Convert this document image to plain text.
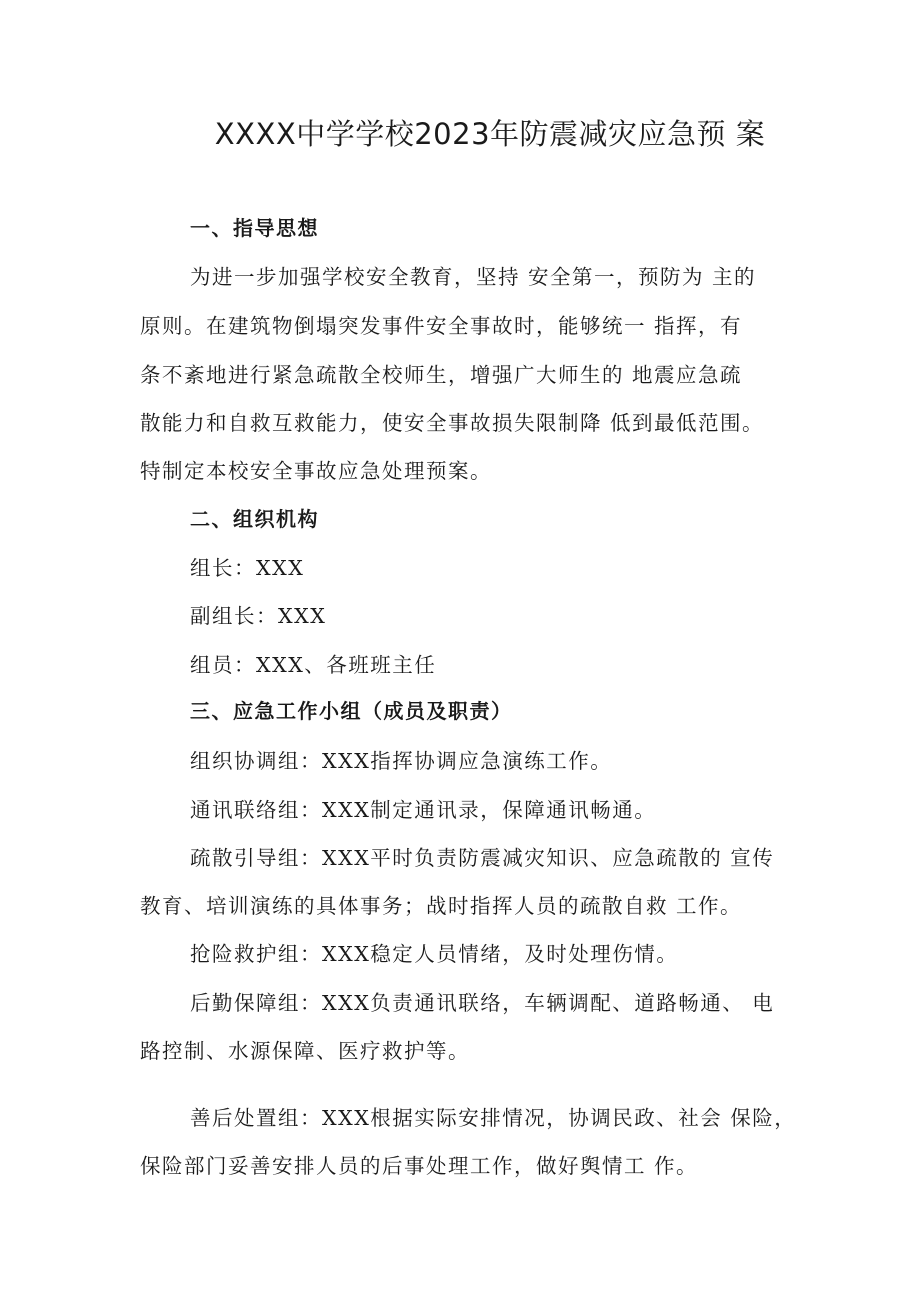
XXXX中学学校2023年防震减灾应急预 案
一、指导思想
为进一步加强学校安全教育，坚持 安全第一，预防为 主的
原则。在建筑物倒塌突发事件安全事故时，能够统一 指挥，有
条不紊地进行紧急疏散全校师生，增强广大师生的 地震应急疏
散能力和自救互救能力，使安全事故损失限制降 低到最低范围。
特制定本校安全事故应急处理预案。
二、组织机构
组长：XXX
副组长：XXX
组员：XXX、各班班主任
三、应急工作小组（成员及职责）
组织协调组：XXX指挥协调应急演练工作。
通讯联络组：XXX制定通讯录，保障通讯畅通。
疏散引导组：XXX平时负责防震减灾知识、应急疏散的 宣传
教育、培训演练的具体事务；战时指挥人员的疏散自救 工作。
抢险救护组：XXX稳定人员情绪，及时处理伤情。
后勤保障组：XXX负责通讯联络，车辆调配、道路畅通、 电
路控制、水源保障、医疗救护等。
善后处置组：XXX根据实际安排情况，协调民政、社会 保险，
保险部门妥善安排人员的后事处理工作，做好舆情工 作。
